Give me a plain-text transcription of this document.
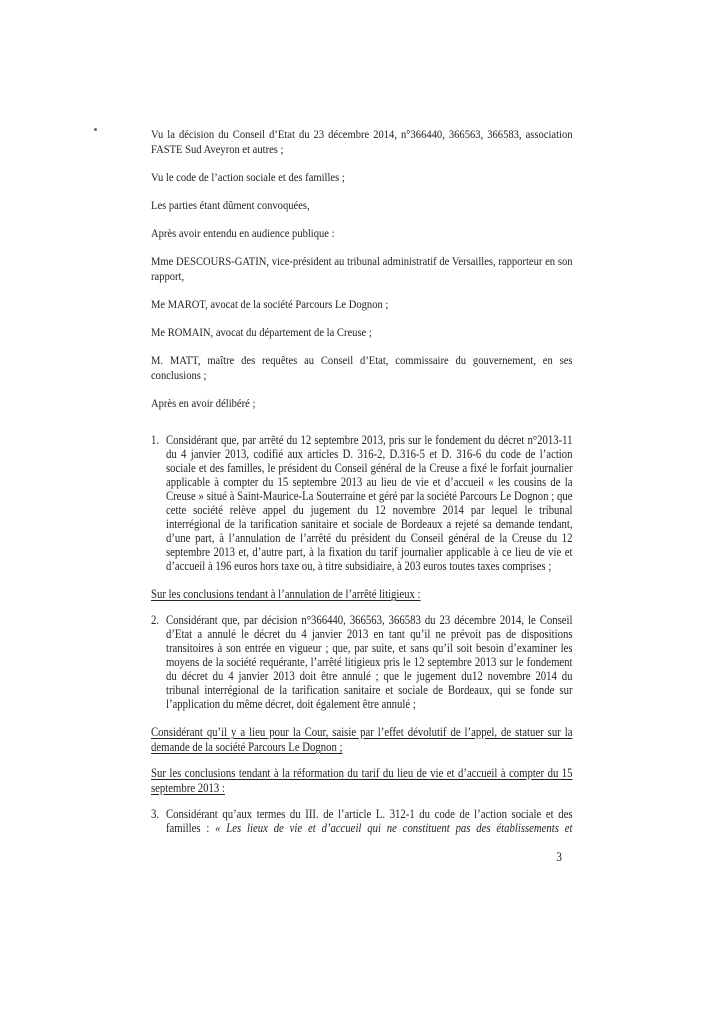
Vu la décision du Conseil d’Etat du 23 décembre 2014, n°366440, 366563, 366583, association FASTE Sud Aveyron et autres ;

Vu le code de l’action sociale et des familles ;

Les parties étant dûment convoquées,

Après avoir entendu en audience publique :

Mme DESCOURS-GATIN, vice-président au tribunal administratif de Versailles, rapporteur en son rapport,

Me MAROT, avocat de la société Parcours Le Dognon ;

Me ROMAIN, avocat du département de la Creuse ;

M. MATT, maître des requêtes au Conseil d’Etat, commissaire du gouvernement, en ses conclusions ;

Après en avoir délibéré ;

1. Considérant que, par arrêté du 12 septembre 2013, pris sur le fondement du décret n°2013-11 du 4 janvier 2013, codifié aux articles D. 316-2, D.316-5 et D. 316-6 du code de l’action sociale et des familles, le président du Conseil général de la Creuse a fixé le forfait journalier applicable à compter du 15 septembre 2013 au lieu de vie et d’accueil « les cousins de la Creuse » situé à Saint-Maurice-La Souterraine et géré par la société Parcours Le Dognon ; que cette société relève appel du jugement du 12 novembre 2014 par lequel le tribunal interrégional de la tarification sanitaire et sociale de Bordeaux a rejeté sa demande tendant, d’une part, à l’annulation de l’arrêté du président du Conseil général de la Creuse du 12 septembre 2013 et, d’autre part, à la fixation du tarif journalier applicable à ce lieu de vie et d’accueil à 196 euros hors taxe ou, à titre subsidiaire, à 203 euros toutes taxes comprises ;

Sur les conclusions tendant à l’annulation de l’arrêté litigieux :

2. Considérant que, par décision n°366440, 366563, 366583 du 23 décembre 2014, le Conseil d’Etat a annulé le décret du 4 janvier 2013 en tant qu’il ne prévoit pas de dispositions transitoires à son entrée en vigueur ; que, par suite, et sans qu’il soit besoin d’examiner les moyens de la société requérante, l’arrêté litigieux pris le 12 septembre 2013 sur le fondement du décret du 4 janvier 2013 doit être annulé ; que le jugement du12 novembre 2014 du tribunal interrégional de la tarification sanitaire et sociale de Bordeaux, qui se fonde sur l’application du même décret, doit également être annulé ;

Considérant qu’il y a lieu pour la Cour, saisie par l’effet dévolutif de l’appel, de statuer sur la demande de la société Parcours Le Dognon ;

Sur les conclusions tendant à la réformation du tarif du lieu de vie et d’accueil à compter du 15 septembre 2013 :

3. Considérant qu’aux termes du III. de l’article L. 312-1 du code de l’action sociale et des familles : « Les lieux de vie et d’accueil qui ne constituent pas des établissements et
3
